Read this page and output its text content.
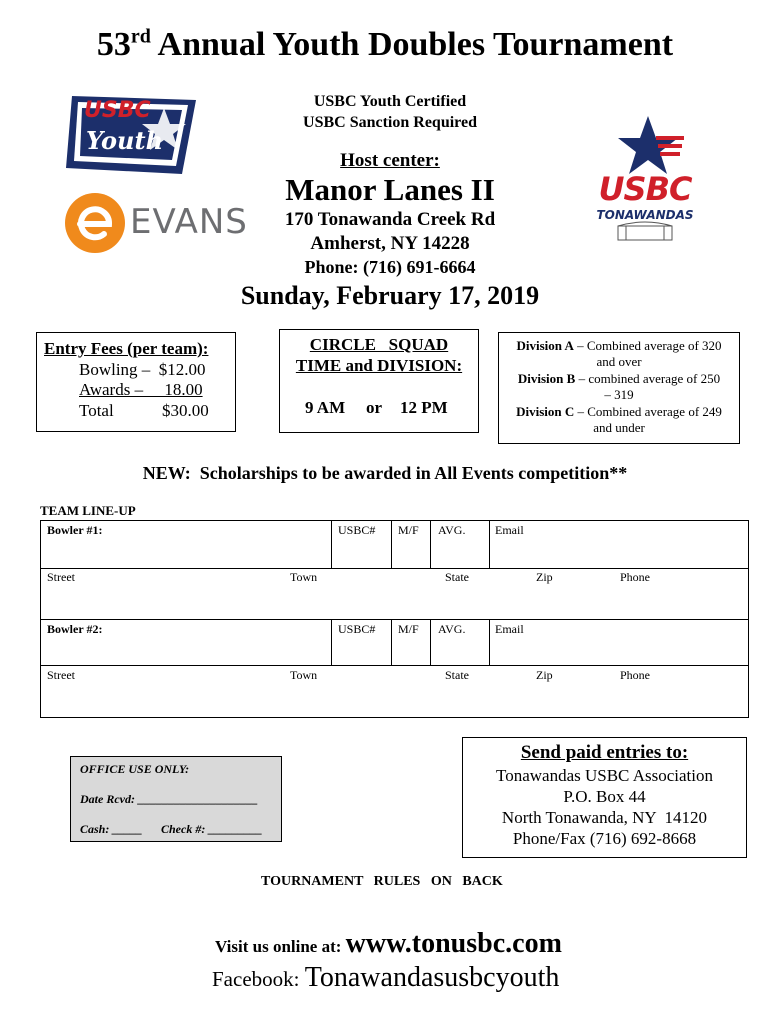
53rd Annual Youth Doubles Tournament
USBC
Youth
EVANS
USBC Youth Certified
USBC Sanction Required
Host center:
Manor Lanes II
170 Tonawanda Creek Rd
Amherst, NY 14228
Phone: (716) 691-6664
Sunday, February 17, 2019
USBC
TONAWANDAS
Entry Fees (per team):
Bowling –  $12.00
Awards –     18.00
Total	$30.00
CIRCLE   SQUAD
TIME and DIVISION:
9 AM or 12 PM
Division A – Combined average of 320
and over
Division B – combined average of 250
– 319
Division C – Combined average of 249
and under
NEW:  Scholarships to be awarded in All Events competition**
TEAM LINE-UP
Bowler #1:	USBC# M/F AVG. Email
Street	Town	State	Zip	Phone
Bowler #2:	USBC# M/F AVG. Email
Street	Town	State	Zip	Phone
OFFICE USE ONLY:
Date Rcvd: ____________________
Cash: _____ Check #: _________
Send paid entries to:
Tonawandas USBC Association
P.O. Box 44
North Tonawanda, NY  14120
Phone/Fax (716) 692-8668
TOURNAMENT   RULES   ON   BACK

Visit us online at: www.tonusbc.com

Facebook: Tonawandasusbcyouth
